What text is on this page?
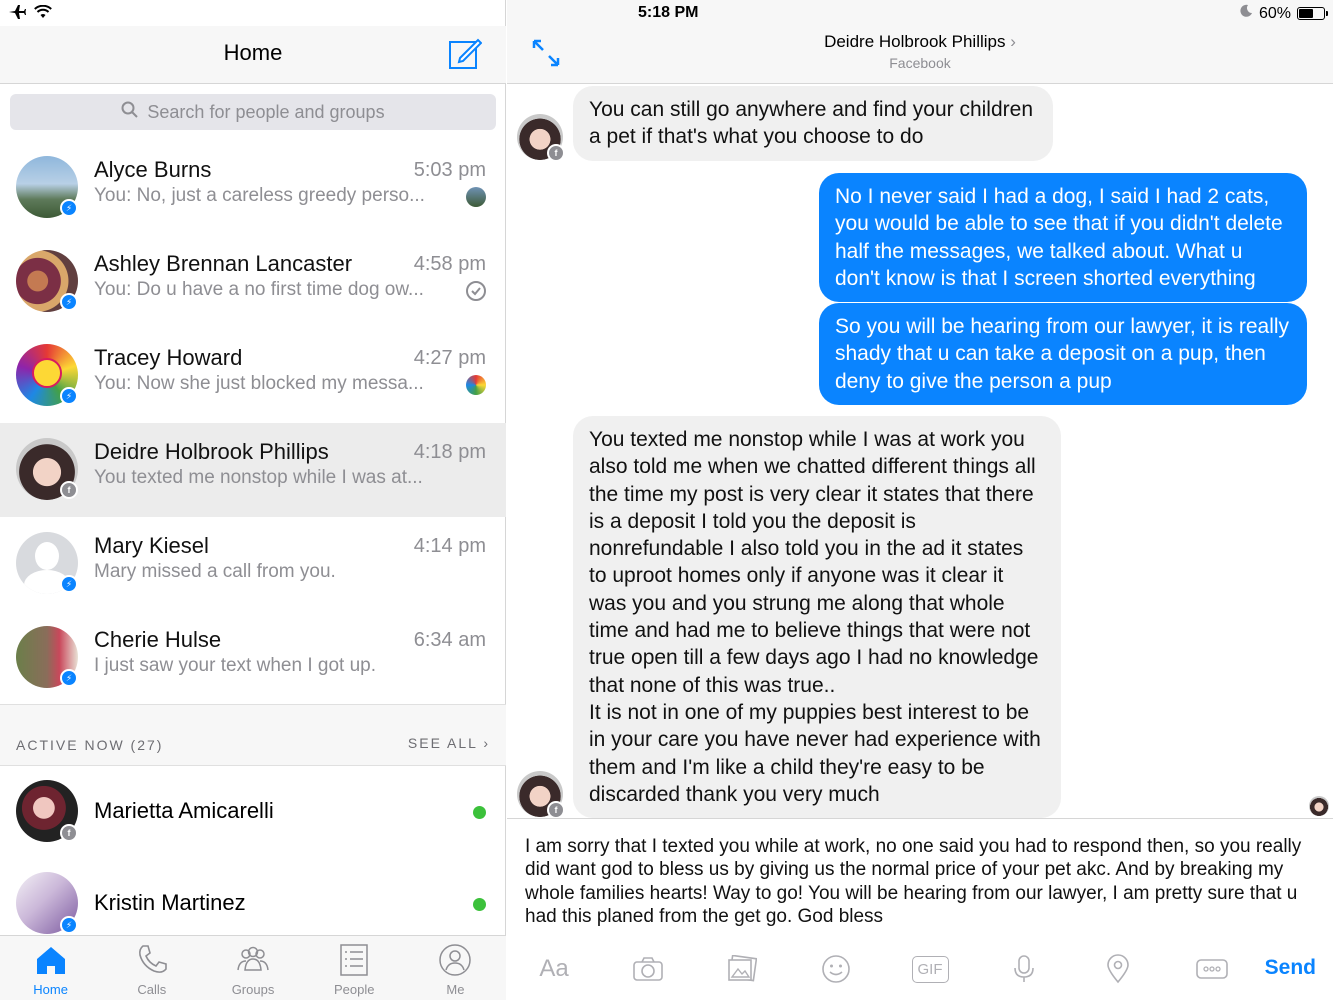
5:18 PM	60%
Home
Search for people and groups
⚡
Alyce Burns	5:03 pm
You: No, just a careless greedy perso...
⚡
Ashley Brennan Lancaster	4:58 pm
You: Do u have a no first time dog ow...
⚡
Tracey Howard	4:27 pm
You: Now she just blocked my messa...
f
Deidre Holbrook Phillips	4:18 pm
You texted me nonstop while I was at...
⚡
Mary Kiesel	4:14 pm
Mary missed a call from you.
⚡
Cherie Hulse	6:34 am
I just saw your text when I got up.
ACTIVE NOW (27)	SEE ALL ›
f
Marietta Amicarelli
⚡
Kristin Martinez
Home	Calls	Groups	People	Me
Deidre Holbrook Phillips ›
Facebook
f
You can still go anywhere and find your children a pet if that's what you choose to do
No I never said I had a dog, I said I had 2 cats, you would be able to see that if you didn't delete half the messages, we talked about. What u don't know is that I screen shorted everything
So you will be hearing from our lawyer, it is really shady that u can take a deposit on a pup, then deny to give the person a pup
You texted me nonstop while I was at work you also told me when we chatted different things all the time my post is very clear it states that there is a deposit I told you the deposit is nonrefundable I also told you in the ad it states to uproot homes only if anyone was it clear it was you and you strung me along that whole time and had me to believe things that were not true open till a few days ago I had no knowledge that none of this was true..
It is not in one of my puppies best interest to be in your care you have never had experience with them and I'm like a child they're easy to be discarded thank you very much
f
I am sorry that I texted you while at work, no one said you had to respond then, so you really did want god to bless us by giving us the normal price of your pet akc. And by breaking my whole families hearts! Way to go! You will be hearing from our lawyer, I am pretty sure that u had this planed from the get go. God bless
Aa	GIF	Send
